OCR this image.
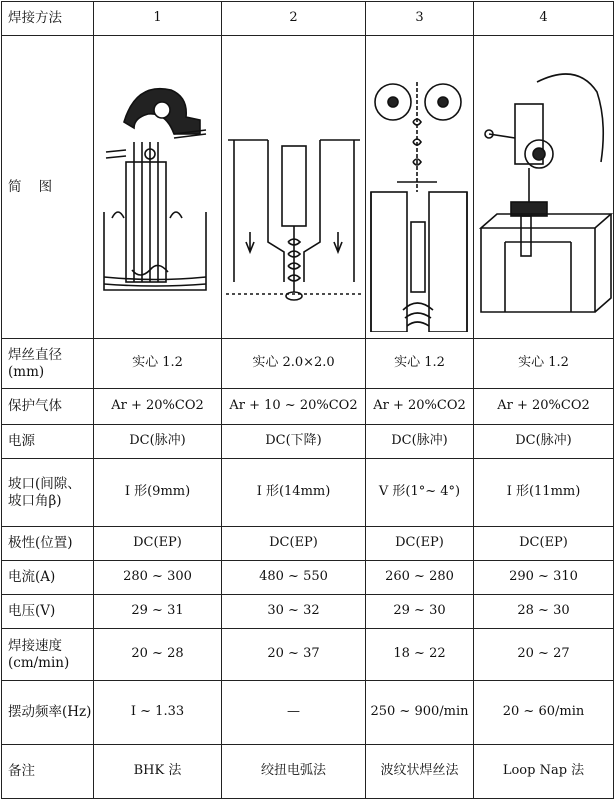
焊接方法	1	2	3	4
简    图	

焊丝直径(mm)	实心 1.2	实心 2.0×2.0	实心 1.2	实心 1.2
保护气体	Ar + 20%CO2	Ar + 10 ~ 20%CO2	Ar + 20%CO2	Ar + 20%CO2
电源	DC(脉冲)	DC(下降)	DC(脉冲)	DC(脉冲)
坡口(间隙、坡口角β)	I 形(9mm)	I 形(14mm)	V 形(1°~ 4°)	I 形(11mm)
极性(位置)	DC(EP)	DC(EP)	DC(EP)	DC(EP)
电流(A)	280 ~ 300	480 ~ 550	260 ~ 280	290 ~ 310
电压(V)	29 ~ 31	30 ~ 32	29 ~ 30	28 ~ 30
焊接速度(cm/min)	20 ~ 28	20 ~ 37	18 ~ 22	20 ~ 27
摆动频率(Hz)	I ~ 1.33	—	250 ~ 900/min	20 ~ 60/min
备注	BHK 法	绞扭电弧法	波纹状焊丝法	Loop Nap 法
